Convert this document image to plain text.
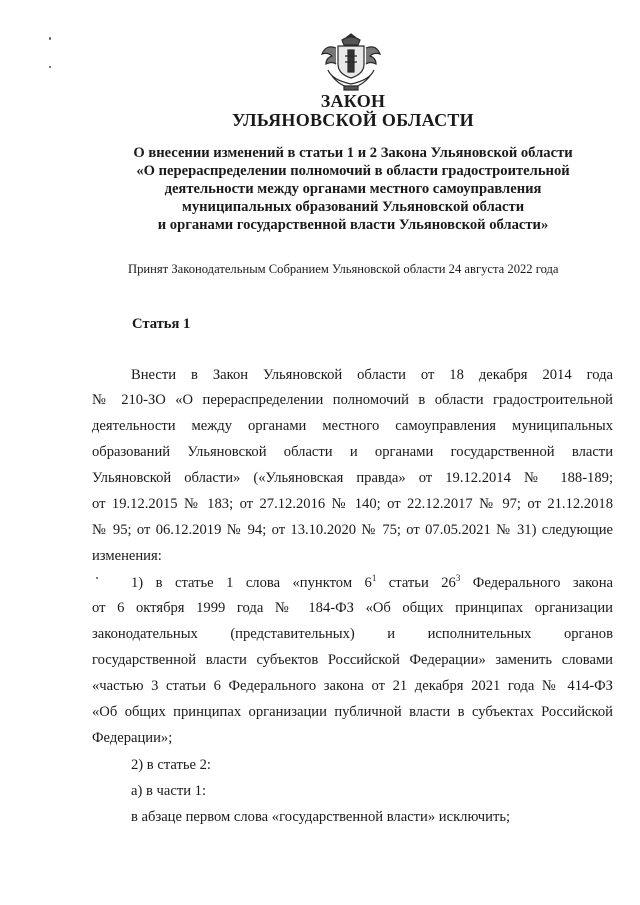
ЗАКОН
УЛЬЯНОВСКОЙ ОБЛАСТИ
О внесении изменений в статьи 1 и 2 Закона Ульяновской области
«О перераспределении полномочий в области градостроительной
деятельности между органами местного самоуправления
муниципальных образований Ульяновской области
и органами государственной власти Ульяновской области»
Принят Законодательным Собранием Ульяновской области 24 августа 2022 года
Статья 1
Внести в Закон Ульяновской области от 18 декабря 2014 года
№ 210-ЗО «О перераспределении полномочий в области градостроительной
деятельности между органами местного самоуправления муниципальных
образований Ульяновской области и органами государственной власти
Ульяновской области» («Ульяновская правда» от 19.12.2014 № 188-189;
от 19.12.2015 № 183; от 27.12.2016 № 140; от 22.12.2017 № 97; от 21.12.2018
№ 95; от 06.12.2019 № 94; от 13.10.2020 № 75; от 07.05.2021 № 31) следующие
изменения:
1) в статье 1 слова «пунктом $6^1$ статьи $26^3$ Федерального закона
от 6 октября 1999 года № 184-ФЗ «Об общих принципах организации
законодательных (представительных) и исполнительных органов
государственной власти субъектов Российской Федерации» заменить словами
«частью 3 статьи 6 Федерального закона от 21 декабря 2021 года № 414-ФЗ
«Об общих принципах организации публичной власти в субъектах Российской
Федерации»;
2) в статье 2:
а) в части 1:
в абзаце первом слова «государственной власти» исключить;
